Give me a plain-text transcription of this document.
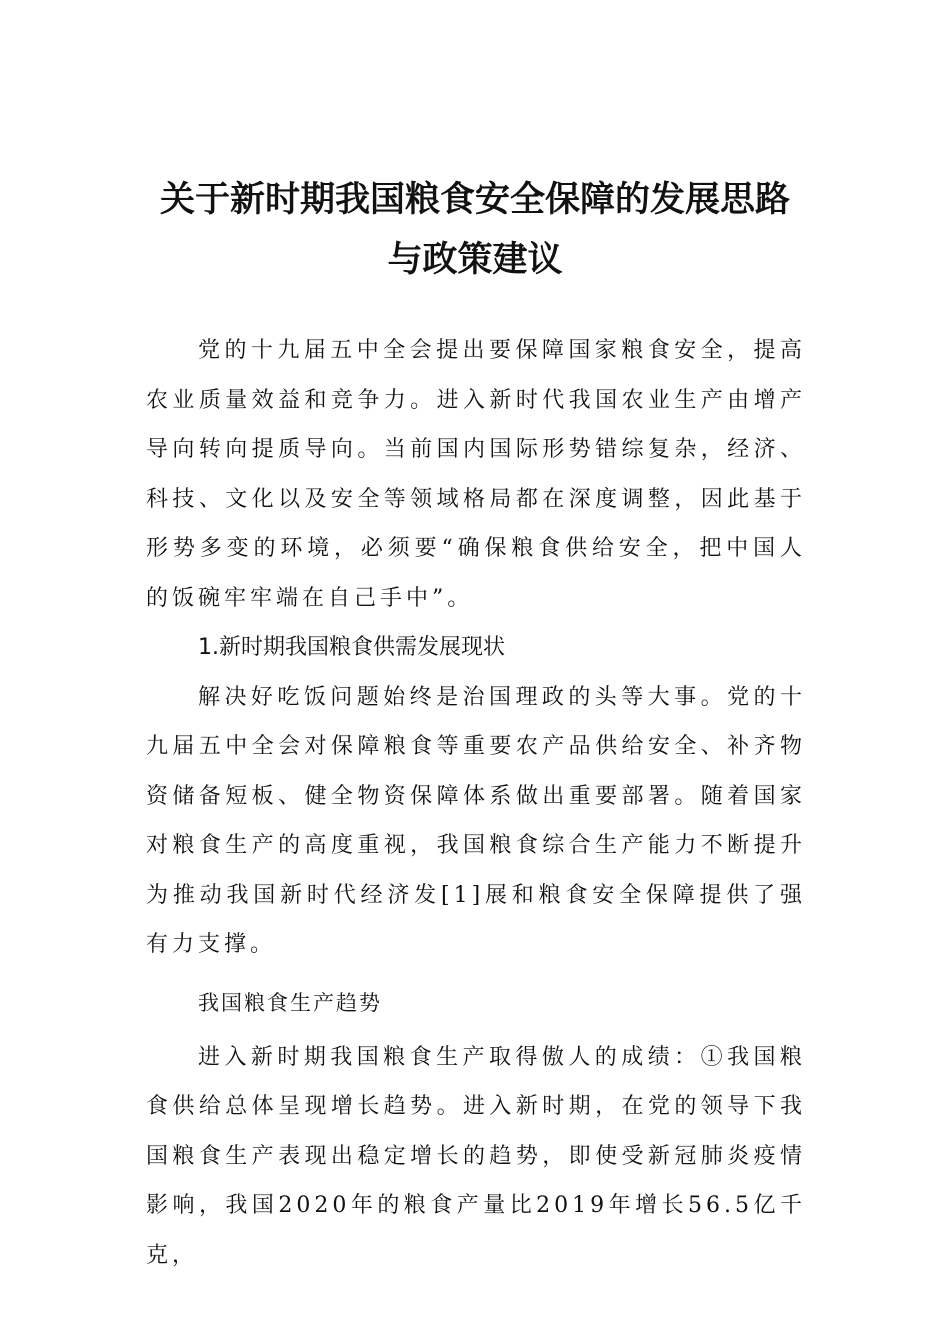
关于新时期我国粮食安全保障的发展思路
与政策建议

党的十九届五中全会提出要保障国家粮食安全，提高农业质量效益和竞争力。进入新时代我国农业生产由增产导向转向提质导向。当前国内国际形势错综复杂，经济、科技、文化以及安全等领域格局都在深度调整，因此基于形势多变的环境，必须要“确保粮食供给安全，把中国人的饭碗牢牢端在自己手中”。

1.新时期我国粮食供需发展现状

解决好吃饭问题始终是治国理政的头等大事。党的十九届五中全会对保障粮食等重要农产品供给安全、补齐物资储备短板、健全物资保障体系做出重要部署。随着国家对粮食生产的高度重视，我国粮食综合生产能力不断提升为推动我国新时代经济发[1]展和粮食安全保障提供了强有力支撑。

我国粮食生产趋势

进入新时期我国粮食生产取得傲人的成绩：①我国粮食供给总体呈现增长趋势。进入新时期，在党的领导下我国粮食生产表现出稳定增长的趋势，即使受新冠肺炎疫情影响，我国2020年的粮食产量比2019年增长56.5亿千克，
